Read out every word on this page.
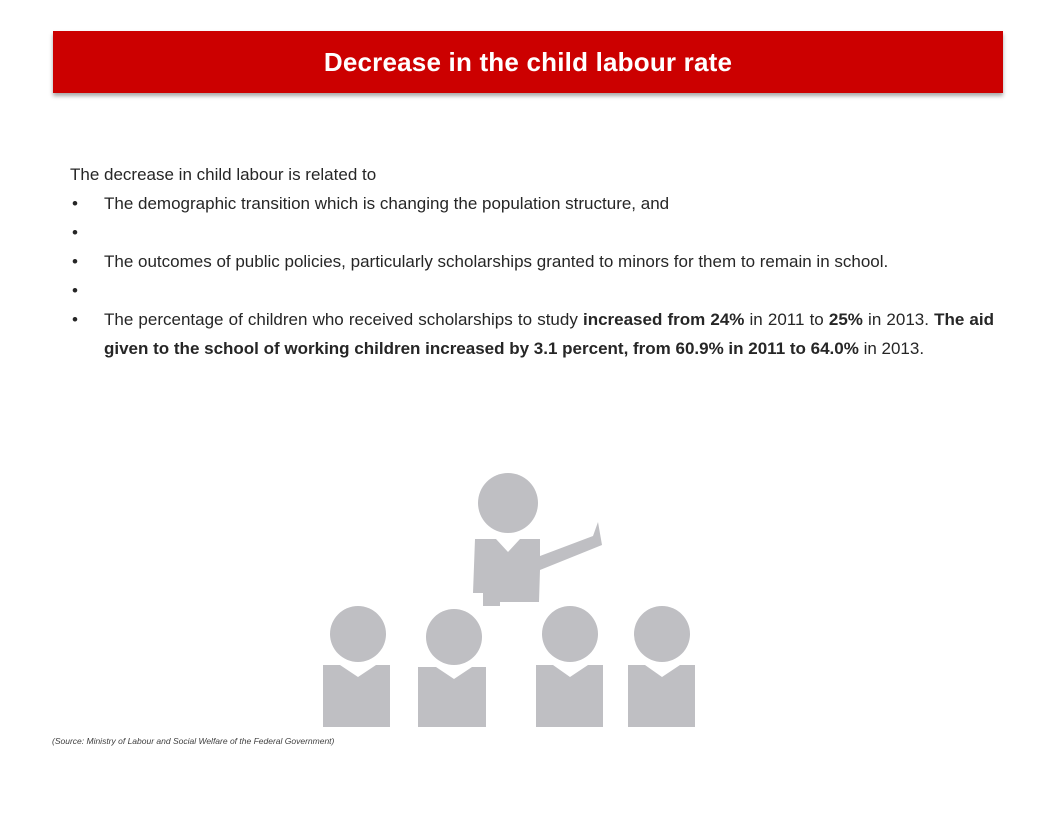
Decrease in the child labour rate

The decrease in child labour is related to

• The demographic transition which is changing the population structure, and
•
• The outcomes of public policies, particularly scholarships granted to minors for them to remain in school.
•
• The percentage of children who received scholarships to study increased from 24% in 2011 to 25% in 2013. The aid given to the school of working children increased by 3.1 percent, from 60.9% in 2011 to 64.0% in 2013.
(Source: Ministry of Labour and Social Welfare of the Federal Government)
